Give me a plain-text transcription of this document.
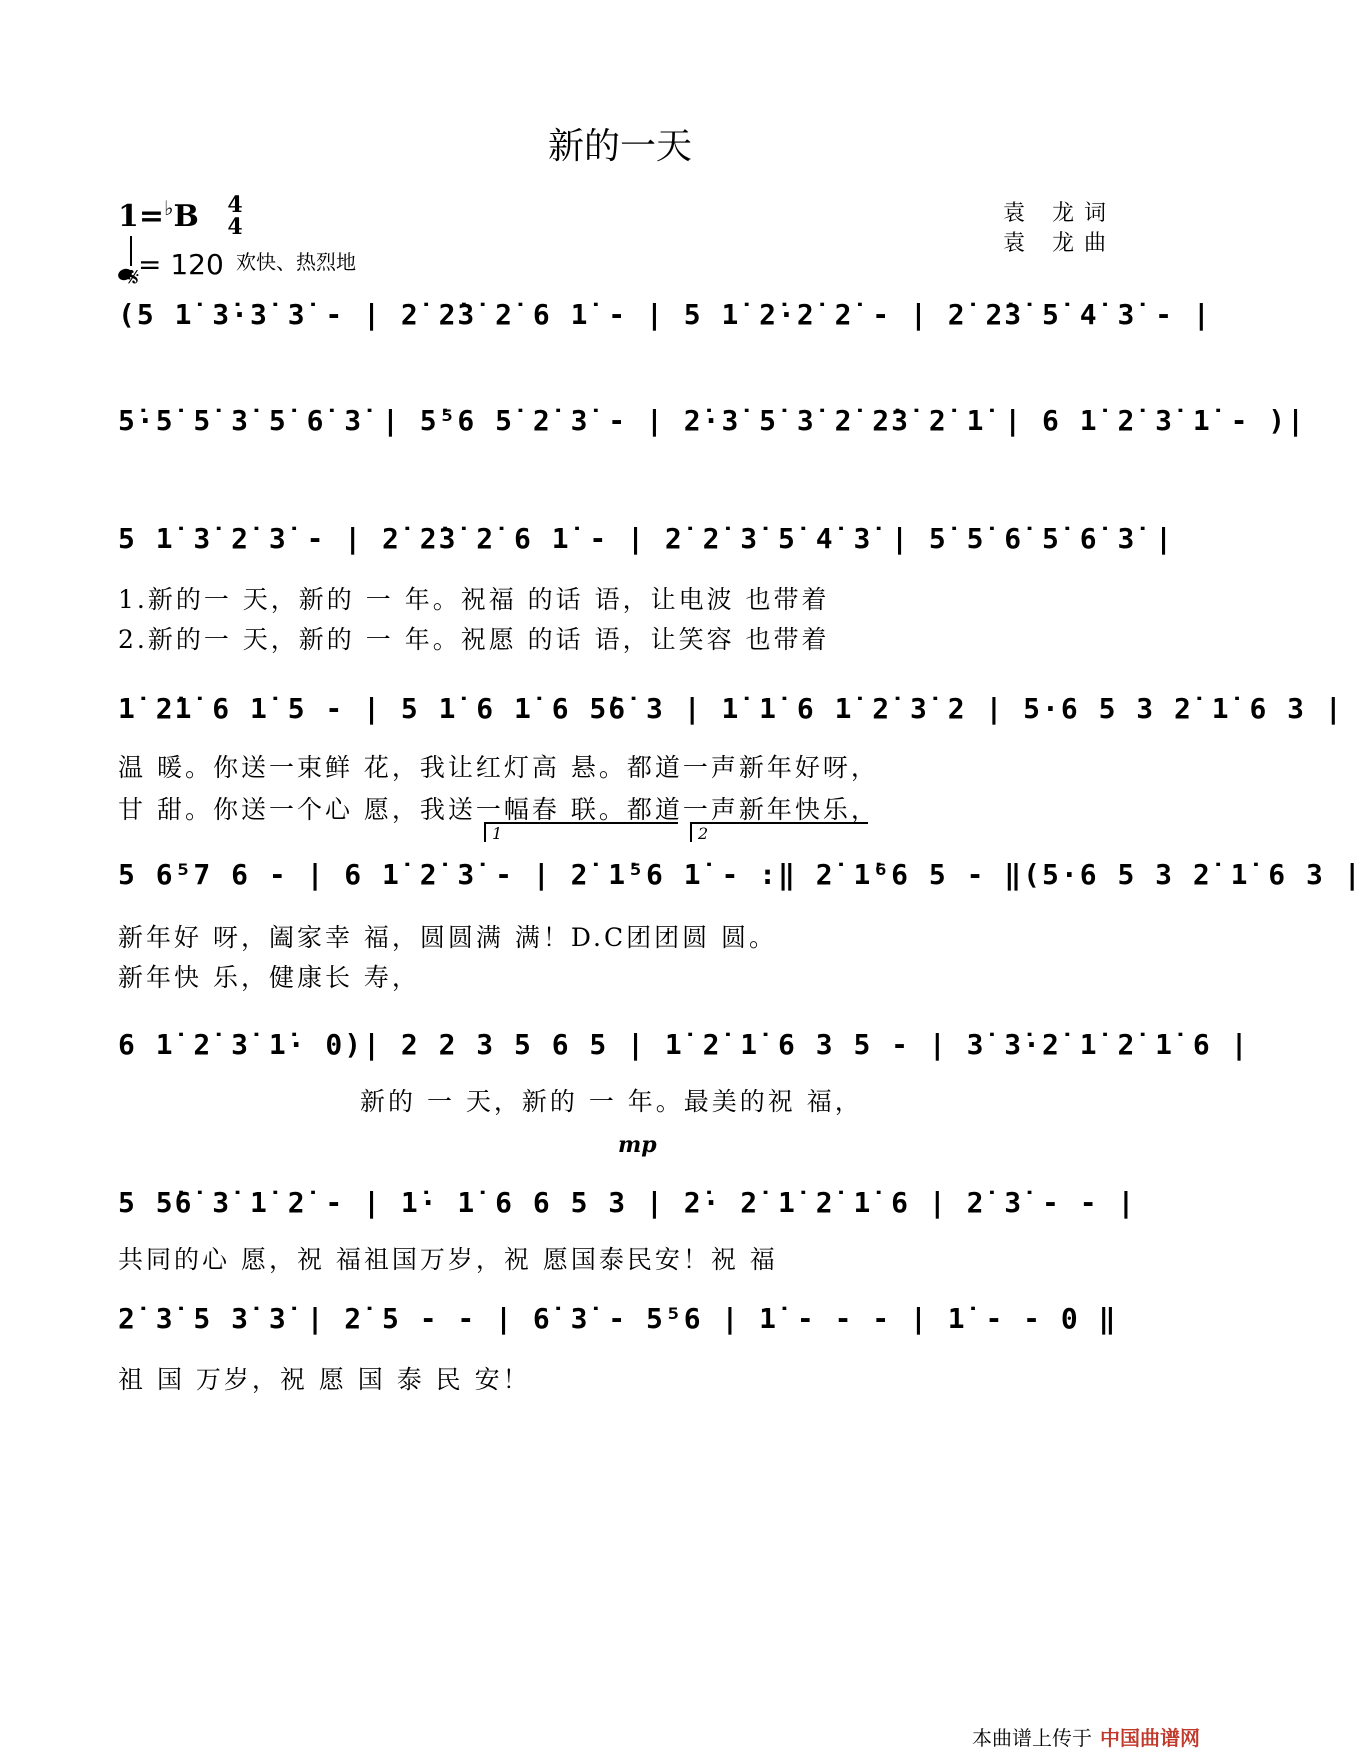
新的一天
1=♭B 4
4
= 120 欢快、热烈地
𝄋
袁 龙词
袁 龙曲
(5 1̇ 3̇·3̇ 3̇ - | 2̇ 2̇3̇ 2̇ 6 1̇ - | 5 1̇ 2̇·2̇ 2̇ - | 2̇ 2̇3̇ 5̇ 4̇ 3̇ - |
5̇·5̇ 5̇ 3̇ 5̇ 6̇ 3̇ | 5̇⁵6 5̇ 2̇ 3̇ - | 2̇·3̇ 5̇ 3̇ 2̇ 2̇3̇ 2̇ 1̇ | 6 1̇ 2̇ 3̇ 1̇ - )|
5 1̇ 3̇ 2̇ 3̇ - | 2̇ 2̇3̇ 2̇ 6 1̇ - | 2̇ 2̇ 3̇ 5̇ 4̇ 3̇ | 5̇ 5̇ 6̇ 5̇ 6̇ 3̇ |
1.新的一 天，新的 一 年。祝福 的话 语，让电波 也带着
2.新的一 天，新的 一 年。祝愿 的话 语，让笑容 也带着
1̇ 2̇1̇ 6 1̇ 5 - | 5 1̇ 6 1̇ 6 5̇6̇ 3 | 1̇ 1̇ 6 1̇ 2̇ 3̇ 2 | 5·6 5 3 2̇ 1̇ 6 3 |
温 暖。你送一束鲜 花，我让红灯高 悬。都道一声新年好呀，
甘 甜。你送一个心 愿，我送一幅春 联。都道一声新年快乐，
1	2
5 6⁵7 6 - | 6 1̇ 2̇ 3̇ - | 2̇ 1̇⁵6 1̇ - :‖ 2̇ 1̇⁶6 5 - ‖(5·6 5 3 2̇ 1̇ 6 3 |
新年好 呀，阖家幸 福，圆圆满 满！D.C团团圆 圆。
新年快 乐，健康长 寿，
6 1̇ 2̇ 3̇ 1̇· 0)| 2 2 3 5 6 5 | 1̇ 2̇ 1̇ 6 3 5 - | 3̇ 3̇·2̇ 1̇ 2̇ 1̇ 6 |
新的 一 天，新的 一 年。最美的祝 福，
5 5̇6̇ 3̇ 1̇ 2̇ - | 1̇· 1̇ 6 6 5 3 | 2̇· 2̇ 1̇ 2̇ 1̇ 6 | 2̇ 3̇ - - |
共同的心 愿，祝 福祖国万岁，祝 愿国泰民安！祝 福
mp
2̇ 3̇ 5 3̇ 3̇ | 2̇ 5 - - | 6̇ 3̇ - 5⁵6 | 1̇ - - - | 1̇ - - 0 ‖
祖 国 万岁，祝 愿 国 泰 民 安！
本曲谱上传于 中国曲谱网
